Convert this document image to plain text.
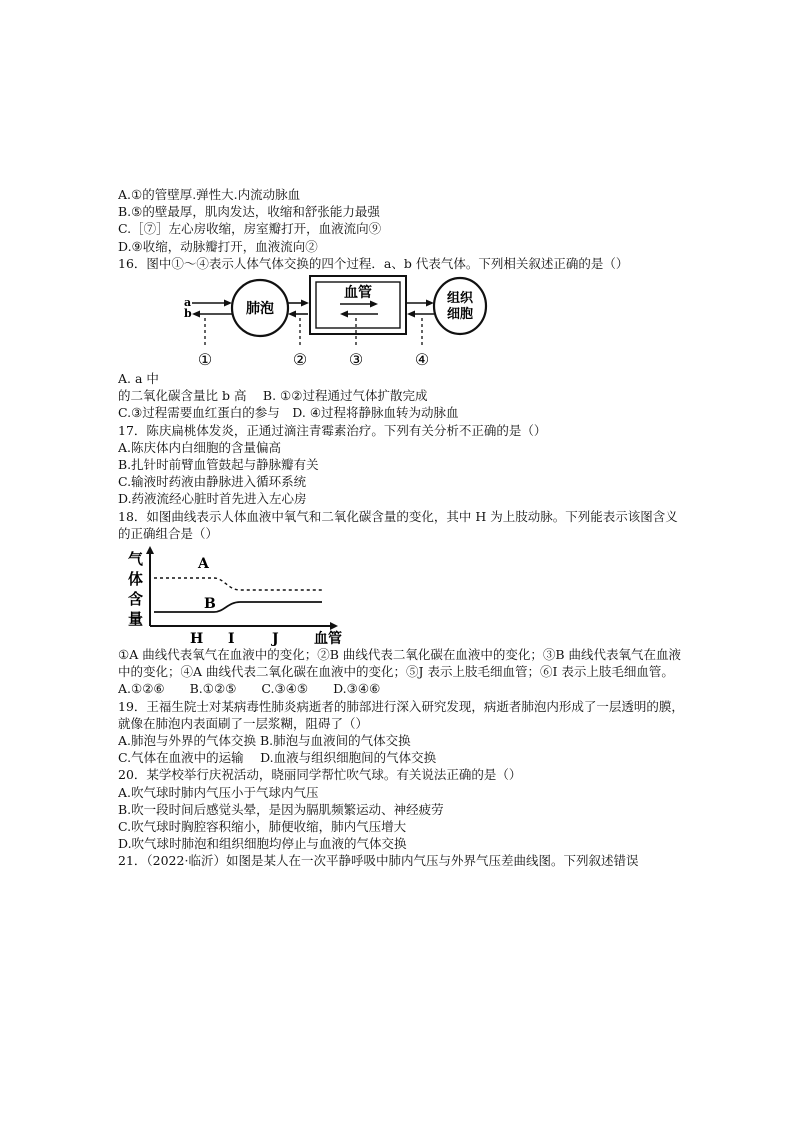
A.①的管壁厚.弹性大.内流动脉血
B.⑤的壁最厚，肌肉发达，收缩和舒张能力最强
C.［⑦］左心房收缩，房室瓣打开，血液流向⑨
D.⑨收缩，动脉瓣打开，血液流向②
16．图中①～④表示人体气体交换的四个过程．a、b 代表气体。下列相关叙述正确的是（）
肺泡
a
b
血管	组织
细胞
①	②	③	④
A. a 中
的二氧化碳含量比 b 高　 B. ①②过程通过气体扩散完成
C.③过程需要血红蛋白的参与　D. ④过程将静脉血转为动脉血
17．陈庆扁桃体发炎，正通过滴注青霉素治疗。下列有关分析不正确的是（）
A.陈庆体内白细胞的含量偏高
B.扎针时前臂血管鼓起与静脉瓣有关
C.输液时药液由静脉进入循环系统
D.药液流经心脏时首先进入左心房
18．如图曲线表示人体血液中氧气和二氧化碳含量的变化，其中 H 为上肢动脉。下列能表示该图含义的正确组合是（）
气
体
含
量
A
B
H I	J	血管
①A 曲线代表氧气在血液中的变化；②B 曲线代表二氧化碳在血液中的变化；③B 曲线代表氧气在血液中的变化；④A 曲线代表二氧化碳在血液中的变化；⑤J 表示上肢毛细血管；⑥I 表示上肢毛细血管。
A.①②⑥　　B.①②⑤　　C.③④⑤　　D.③④⑥
19．王福生院士对某病毒性肺炎病逝者的肺部进行深入研究发现，病逝者肺泡内形成了一层透明的膜，就像在肺泡内表面刷了一层浆糊，阻碍了（）
A.肺泡与外界的气体交换 B.肺泡与血液间的气体交换
C.气体在血液中的运输　 D.血液与组织细胞间的气体交换
20．某学校举行庆祝活动，晓丽同学帮忙吹气球。有关说法正确的是（）
A.吹气球时肺内气压小于气球内气压
B.吹一段时间后感觉头晕，是因为膈肌频繁运动、神经疲劳
C.吹气球时胸腔容积缩小，肺便收缩，肺内气压增大
D.吹气球时肺泡和组织细胞均停止与血液的气体交换
21．（2022·临沂）如图是某人在一次平静呼吸中肺内气压与外界气压差曲线图。下列叙述错误
